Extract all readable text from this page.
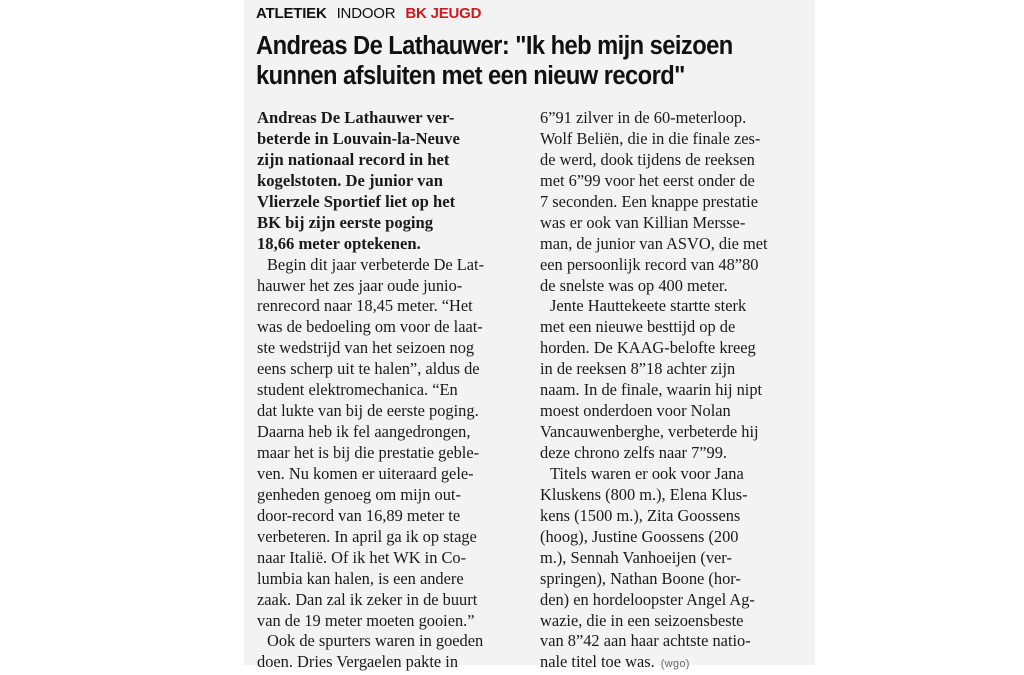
ATLETIEK INDOOR BK JEUGD
Andreas De Lathauwer: "Ik heb mijn seizoen
kunnen afsluiten met een nieuw record"
Andreas De Lathauwer ver-
beterde in Louvain-la-Neuve
zijn nationaal record in het
kogelstoten. De junior van
Vlierzele Sportief liet op het
BK bij zijn eerste poging
18,66 meter optekenen.
Begin dit jaar verbeterde De Lat-
hauwer het zes jaar oude junio-
renrecord naar 18,45 meter. “Het
was de bedoeling om voor de laat-
ste wedstrijd van het seizoen nog
eens scherp uit te halen”, aldus de
student elektromechanica. “En
dat lukte van bij de eerste poging.
Daarna heb ik fel aangedrongen,
maar het is bij die prestatie geble-
ven. Nu komen er uiteraard gele-
genheden genoeg om mijn out-
door-record van 16,89 meter te
verbeteren. In april ga ik op stage
naar Italië. Of ik het WK in Co-
lumbia kan halen, is een andere
zaak. Dan zal ik zeker in de buurt
van de 19 meter moeten gooien.”
Ook de spurters waren in goeden
doen. Dries Vergaelen pakte in
6”91 zilver in de 60-meterloop.
Wolf Beliën, die in die finale zes-
de werd, dook tijdens de reeksen
met 6”99 voor het eerst onder de
7 seconden. Een knappe prestatie
was er ook van Killian Mersse-
man, de junior van ASVO, die met
een persoonlijk record van 48”80
de snelste was op 400 meter.
Jente Hauttekeete startte sterk
met een nieuwe besttijd op de
horden. De KAAG-belofte kreeg
in de reeksen 8”18 achter zijn
naam. In de finale, waarin hij nipt
moest onderdoen voor Nolan
Vancauwenberghe, verbeterde hij
deze chrono zelfs naar 7”99.
Titels waren er ook voor Jana
Kluskens (800 m.), Elena Klus-
kens (1500 m.), Zita Goossens
(hoog), Justine Goossens (200
m.), Sennah Vanhoeijen (ver-
springen), Nathan Boone (hor-
den) en hordeloopster Angel Ag-
wazie, die in een seizoensbeste
van 8”42 aan haar achtste natio-
nale titel toe was. (wgo)
